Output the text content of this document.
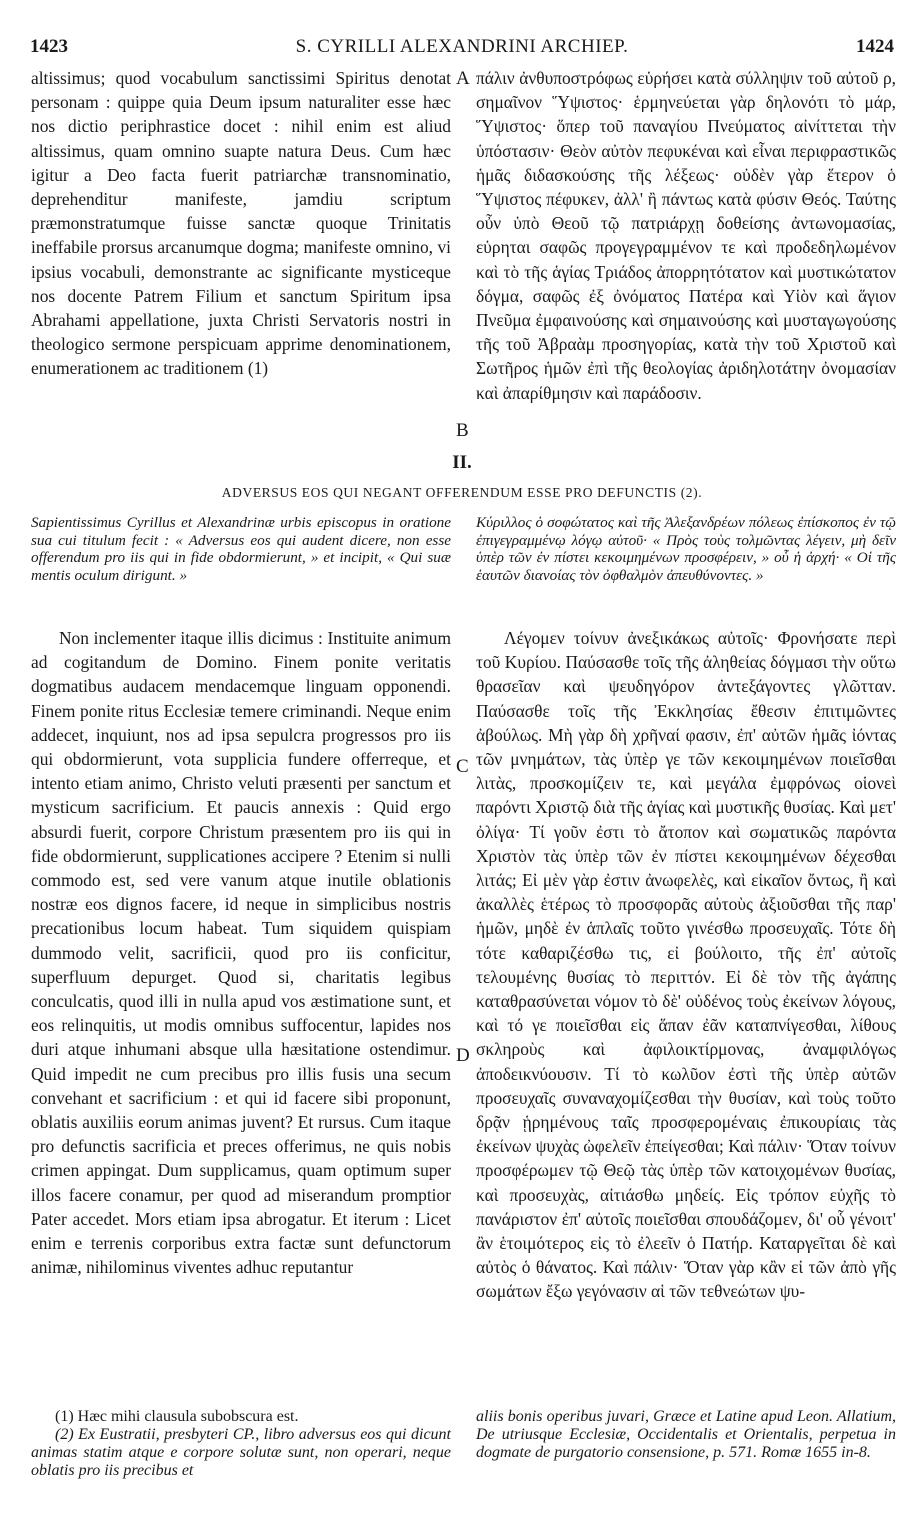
1423	S. CYRILLI ALEXANDRINI ARCHIEP.	1424

altissimus; quod vocabulum sanctissimi Spiritus denotat personam : quippe quia Deum ipsum naturaliter esse hæc nos dictio periphrastice docet : nihil enim est aliud altissimus, quam omnino suapte natura Deus. Cum hæc igitur a Deo facta fuerit patriarchæ transnominatio, deprehenditur manifeste, jamdiu scriptum præmonstratumque fuisse sanctæ quoque Trinitatis ineffabile prorsus arcanumque dogma; manifeste omnino, vi ipsius vocabuli, demonstrante ac significante mysticeque nos docente Patrem Filium et sanctum Spiritum ipsa Abrahami appellatione, juxta Christi Servatoris nostri in theologico sermone perspicuam apprime denominationem, enumerationem ac traditionem (1)

πάλιν ἀνθυποστρόφως εὑρήσει κατὰ σύλληψιν τοῦ αὐτοῦ ρ, σημαῖνον Ὕψιστος· ἑρμηνεύεται γὰρ δηλονότι τὸ μάρ, Ὕψιστος· ὅπερ τοῦ παναγίου Πνεύματος αἰνίττεται τὴν ὑπόστασιν· Θεὸν αὐτὸν πεφυκέναι καὶ εἶναι περιφραστικῶς ἡμᾶς διδασκούσης τῆς λέξεως· οὐδὲν γὰρ ἕτερον ὁ Ὕψιστος πέφυκεν, ἀλλ' ἢ πάντως κατὰ φύσιν Θεός. Ταύτης οὖν ὑπὸ Θεοῦ τῷ πατριάρχῃ δοθείσης ἀντωνομασίας, εὑρηται σαφῶς προγεγραμμένον τε καὶ προδεδηλωμένον καὶ τὸ τῆς ἁγίας Τριάδος ἀπορρητότατον καὶ μυστικώτατον δόγμα, σαφῶς ἐξ ὀνόματος Πατέρα καὶ Υἱὸν καὶ ἅγιον Πνεῦμα ἐμφαινούσης καὶ σημαινούσης καὶ μυσταγωγούσης τῆς τοῦ Ἀβραὰμ προσηγορίας, κατὰ τὴν τοῦ Χριστοῦ καὶ Σωτῆρος ἡμῶν ἐπὶ τῆς θεολογίας ἀριδηλοτάτην ὀνομασίαν καὶ ἀπαρίθμησιν καὶ παράδοσιν.

A
B
II.
ADVERSUS EOS QUI NEGANT OFFERENDUM ESSE PRO DEFUNCTIS (2).
Sapientissimus Cyrillus et Alexandrinæ urbis episcopus in oratione sua cui titulum fecit : « Adversus eos qui audent dicere, non esse offerendum pro iis qui in fide obdormierunt, » et incipit, « Qui suæ mentis oculum dirigunt. »
Κύριλλος ὁ σοφώτατος καὶ τῆς Ἀλεξανδρέων πόλεως ἐπίσκοπος ἐν τῷ ἐπιγεγραμμένῳ λόγῳ αὐτοῦ· « Πρὸς τοὺς τολμῶντας λέγειν, μὴ δεῖν ὑπὲρ τῶν ἐν πίστει κεκοιμημένων προσφέρειν, » οὗ ἡ ἀρχή· « Οἱ τῆς ἑαυτῶν διανοίας τὸν ὀφθαλμὸν ἀπευθύνοντες. »

Non inclementer itaque illis dicimus : Instituite animum ad cogitandum de Domino. Finem ponite veritatis dogmatibus audacem mendacemque linguam opponendi. Finem ponite ritus Ecclesiæ temere criminandi. Neque enim addecet, inquiunt, nos ad ipsa sepulcra progressos pro iis qui obdormierunt, vota supplicia fundere offerreque, et intento etiam animo, Christo veluti præsenti per sanctum et mysticum sacrificium. Et paucis annexis : Quid ergo absurdi fuerit, corpore Christum præsentem pro iis qui in fide obdormierunt, supplicationes accipere ? Etenim si nulli commodo est, sed vere vanum atque inutile oblationis nostræ eos dignos facere, id neque in simplicibus nostris precationibus locum habeat. Tum siquidem quispiam dummodo velit, sacrificii, quod pro iis conficitur, superfluum depurget. Quod si, charitatis legibus conculcatis, quod illi in nulla apud vos æstimatione sunt, et eos relinquitis, ut modis omnibus suffocentur, lapides nos duri atque inhumani absque ulla hæsitatione ostendimur. Quid impedit ne cum precibus pro illis fusis una secum convehant et sacrificium : et qui id facere sibi proponunt, oblatis auxiliis eorum animas juvent? Et rursus. Cum itaque pro defunctis sacrificia et preces offerimus, ne quis nobis crimen appingat. Dum supplicamus, quam optimum super illos facere conamur, per quod ad miserandum promptior Pater accedet. Mors etiam ipsa abrogatur. Et iterum : Licet enim e terrenis corporibus extra factæ sunt defunctorum animæ, nihilominus viventes adhuc reputantur

Λέγομεν τοίνυν ἀνεξικάκως αὐτοῖς· Φρονήσατε περὶ τοῦ Κυρίου. Παύσασθε τοῖς τῆς ἀληθείας δόγμασι τὴν οὕτω θρασεῖαν καὶ ψευδηγόρον ἀντεξάγοντες γλῶτταν. Παύσασθε τοῖς τῆς Ἐκκλησίας ἔθεσιν ἐπιτιμῶντες ἀβούλως. Μὴ γὰρ δὴ χρῆναί φασιν, ἐπ' αὐτῶν ἡμᾶς ἰόντας τῶν μνημάτων, τὰς ὑπὲρ γε τῶν κεκοιμημένων ποιεῖσθαι λιτὰς, προσκομίζειν τε, καὶ μεγάλα ἐμφρόνως οἱονεὶ παρόντι Χριστῷ διὰ τῆς ἁγίας καὶ μυστικῆς θυσίας. Καὶ μετ' ὀλίγα· Τί γοῦν ἐστι τὸ ἄτοπον καὶ σωματικῶς παρόντα Χριστὸν τὰς ὑπὲρ τῶν ἐν πίστει κεκοιμημένων δέχεσθαι λιτάς; Εἰ μὲν γὰρ ἐστιν ἀνωφελὲς, καὶ εἰκαῖον ὄντως, ἢ καὶ ἀκαλλὲς ἑτέρως τὸ προσφορᾶς αὐτοὺς ἀξιοῦσθαι τῆς παρ' ἡμῶν, μηδὲ ἐν ἁπλαῖς τοῦτο γινέσθω προσευχαῖς. Τότε δὴ τότε καθαριζέσθω τις, εἰ βούλοιτο, τῆς ἐπ' αὐτοῖς τελουμένης θυσίας τὸ περιττόν. Εἰ δὲ τὸν τῆς ἀγάπης καταθρασύνεται νόμον τὸ δὲ' οὐδένος τοὺς ἐκείνων λόγους, καὶ τό γε ποιεῖσθαι εἰς ἅπαν ἐᾶν καταπνίγεσθαι, λίθους σκληροὺς καὶ ἀφιλοικτίρμονας, ἀναμφιλόγως ἀποδεικνύουσιν. Τί τὸ κωλῦον ἐστὶ τῆς ὑπὲρ αὐτῶν προσευχαῖς συναναχομίζεσθαι τὴν θυσίαν, καὶ τοὺς τοῦτο δρᾷν ᾑρημένους ταῖς προσφερομέναις ἐπικουρίαις τὰς ἐκείνων ψυχὰς ὠφελεῖν ἐπείγεσθαι; Καὶ πάλιν· Ὅταν τοίνυν προσφέρωμεν τῷ Θεῷ τὰς ὑπὲρ τῶν κατοιχομένων θυσίας, καὶ προσευχὰς, αἰτιάσθω μηδείς. Εἰς τρόπον εὐχῆς τὸ πανάριστον ἐπ' αὐτοῖς ποιεῖσθαι σπουδάζομεν, δι' οὗ γένοιτ' ἂν ἑτοιμότερος εἰς τὸ ἐλεεῖν ὁ Πατήρ. Καταργεῖται δὲ καὶ αὐτὸς ὁ θάνατος. Καὶ πάλιν· Ὅταν γὰρ κἂν εἰ τῶν ἀπὸ γῆς σωμάτων ἔξω γεγόνασιν αἱ τῶν τεθνεώτων ψυ-

C
D
(1) Hæc mihi clausula subobscura est.
(2) Ex Eustratii, presbyteri CP., libro adversus eos qui dicunt animas statim atque e corpore solutæ sunt, non operari, neque oblatis pro iis precibus et
aliis bonis operibus juvari, Græce et Latine apud Leon. Allatium, De utriusque Ecclesiæ, Occidentalis et Orientalis, perpetua in dogmate de purgatorio consensione, p. 571. Romæ 1655 in-8.
